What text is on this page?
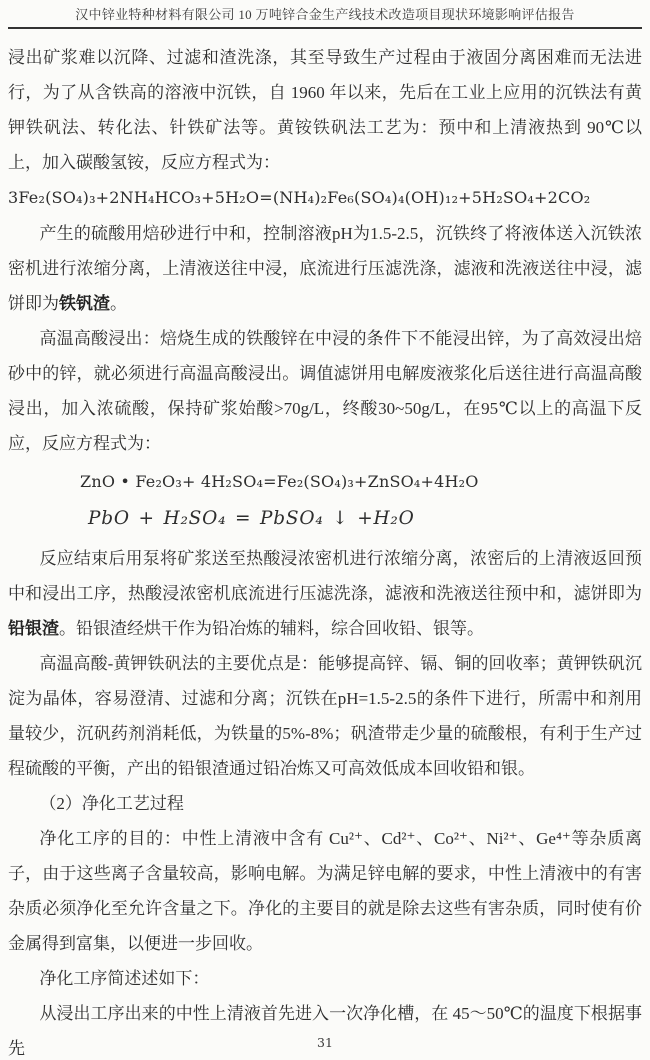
汉中锌业特种材料有限公司 10 万吨锌合金生产线技术改造项目现状环境影响评估报告

浸出矿浆难以沉降、过滤和渣洗涤，其至导致生产过程由于液固分离困难而无法进行，为了从含铁高的溶液中沉铁，自 1960 年以来，先后在工业上应用的沉铁法有黄钾铁矾法、转化法、针铁矿法等。黄铵铁矾法工艺为：预中和上清液热到 90℃以上，加入碳酸氢铵，反应方程式为：

3Fe₂(SO₄)₃+2NH₄HCO₃+5H₂O=(NH₄)₂Fe₆(SO₄)₄(OH)₁₂+5H₂SO₄+2CO₂

产生的硫酸用焙砂进行中和，控制溶液pH为1.5-2.5，沉铁终了将液体送入沉铁浓密机进行浓缩分离，上清液送往中浸，底流进行压滤洗涤，滤液和洗液送往中浸，滤饼即为铁钒渣。

高温高酸浸出：焙烧生成的铁酸锌在中浸的条件下不能浸出锌，为了高效浸出焙砂中的锌，就必须进行高温高酸浸出。调值滤饼用电解废液浆化后送往进行高温高酸浸出，加入浓硫酸，保持矿浆始酸>70g/L，终酸30~50g/L，在95℃以上的高温下反应，反应方程式为：

ZnO • Fe₂O₃+ 4H₂SO₄=Fe₂(SO₄)₃+ZnSO₄+4H₂O

PbO + H₂SO₄ = PbSO₄ ↓ +H₂O

反应结束后用泵将矿浆送至热酸浸浓密机进行浓缩分离，浓密后的上清液返回预中和浸出工序，热酸浸浓密机底流进行压滤洗涤，滤液和洗液送往预中和，滤饼即为铅银渣。铅银渣经烘干作为铅冶炼的辅料，综合回收铅、银等。

高温高酸-黄钾铁矾法的主要优点是：能够提高锌、镉、铜的回收率；黄钾铁矾沉淀为晶体，容易澄清、过滤和分离；沉铁在pH=1.5-2.5的条件下进行，所需中和剂用量较少，沉矾药剂消耗低，为铁量的5%-8%；矾渣带走少量的硫酸根，有利于生产过程硫酸的平衡，产出的铅银渣通过铅冶炼又可高效低成本回收铅和银。

（2）净化工艺过程

净化工序的目的：中性上清液中含有 Cu²⁺、Cd²⁺、Co²⁺、Ni²⁺、Ge⁴⁺等杂质离子，由于这些离子含量较高，影响电解。为满足锌电解的要求，中性上清液中的有害杂质必须净化至允许含量之下。净化的主要目的就是除去这些有害杂质，同时使有价金属得到富集，以便进一步回收。

净化工序简述述如下：

从浸出工序出来的中性上清液首先进入一次净化槽，在 45～50℃的温度下根据事先	31
